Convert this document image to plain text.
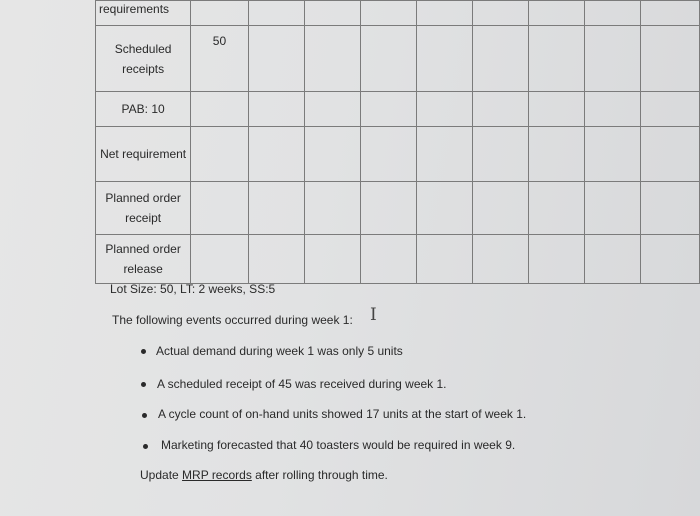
requirements									
Scheduled receipts	50								
PAB: 10									
Net requirement									
Planned order receipt									
Planned order release									
Lot Size: 50, LT: 2 weeks, SS:5
The following events occurred during week 1: I
Actual demand during week 1 was only 5 units
A scheduled receipt of 45 was received during week 1.
A cycle count of on-hand units showed 17 units at the start of week 1.
Marketing forecasted that 40 toasters would be required in week 9.
Update MRP records after rolling through time.
